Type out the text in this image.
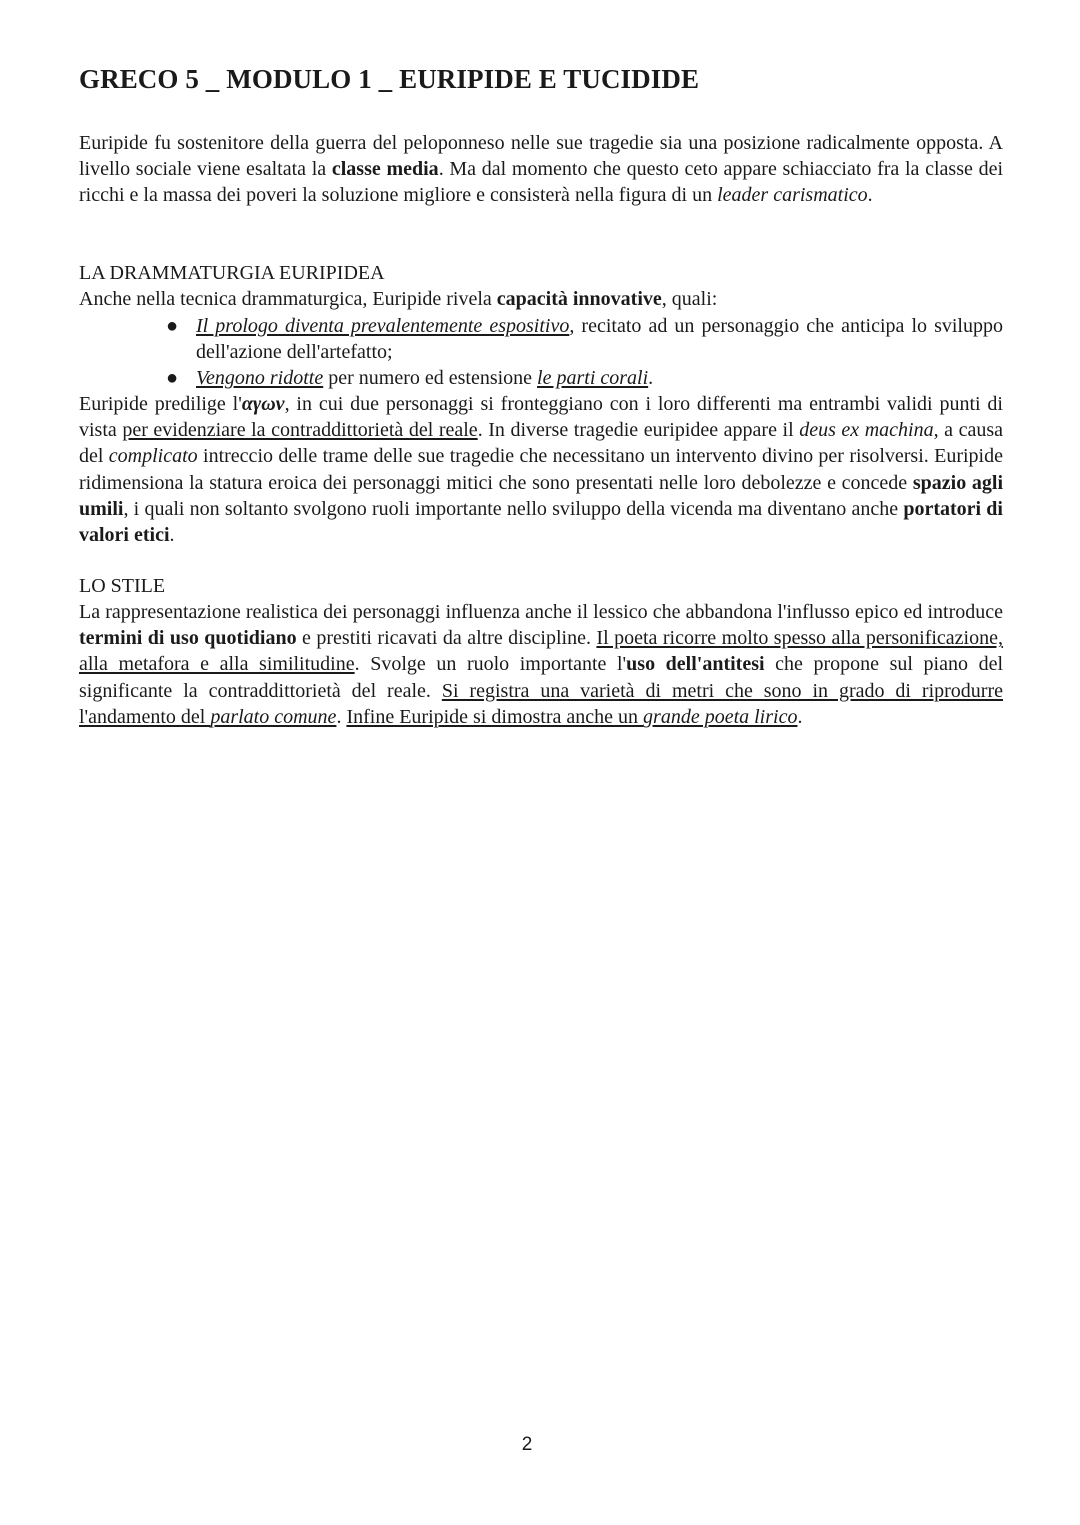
GRECO 5 _ MODULO 1 _ EURIPIDE E TUCIDIDE

Euripide fu sostenitore della guerra del peloponneso nelle sue tragedie sia una posizione radicalmente opposta. A livello sociale viene esaltata la classe media. Ma dal momento che questo ceto appare schiacciato fra la classe dei ricchi e la massa dei poveri la soluzione migliore e consisterà nella figura di un leader carismatico.

LA DRAMMATURGIA EURIPIDEA

Anche nella tecnica drammaturgica, Euripide rivela capacità innovative, quali:

● Il prologo diventa prevalentemente espositivo, recitato ad un personaggio che anticipa lo sviluppo dell'azione dell'artefatto;
● Vengono ridotte per numero ed estensione le parti corali.

Euripide predilige l'αγων, in cui due personaggi si fronteggiano con i loro differenti ma entrambi validi punti di vista per evidenziare la contraddittorietà del reale. In diverse tragedie euripidee appare il deus ex machina, a causa del complicato intreccio delle trame delle sue tragedie che necessitano un intervento divino per risolversi. Euripide ridimensiona la statura eroica dei personaggi mitici che sono presentati nelle loro debolezze e concede spazio agli umili, i quali non soltanto svolgono ruoli importante nello sviluppo della vicenda ma diventano anche portatori di valori etici.

LO STILE

La rappresentazione realistica dei personaggi influenza anche il lessico che abbandona l'influsso epico ed introduce termini di uso quotidiano e prestiti ricavati da altre discipline. Il poeta ricorre molto spesso alla personificazione, alla metafora e alla similitudine. Svolge un ruolo importante l'uso dell'antitesi che propone sul piano del significante la contraddittorietà del reale. Si registra una varietà di metri che sono in grado di riprodurre l'andamento del parlato comune. Infine Euripide si dimostra anche un grande poeta lirico.

2
